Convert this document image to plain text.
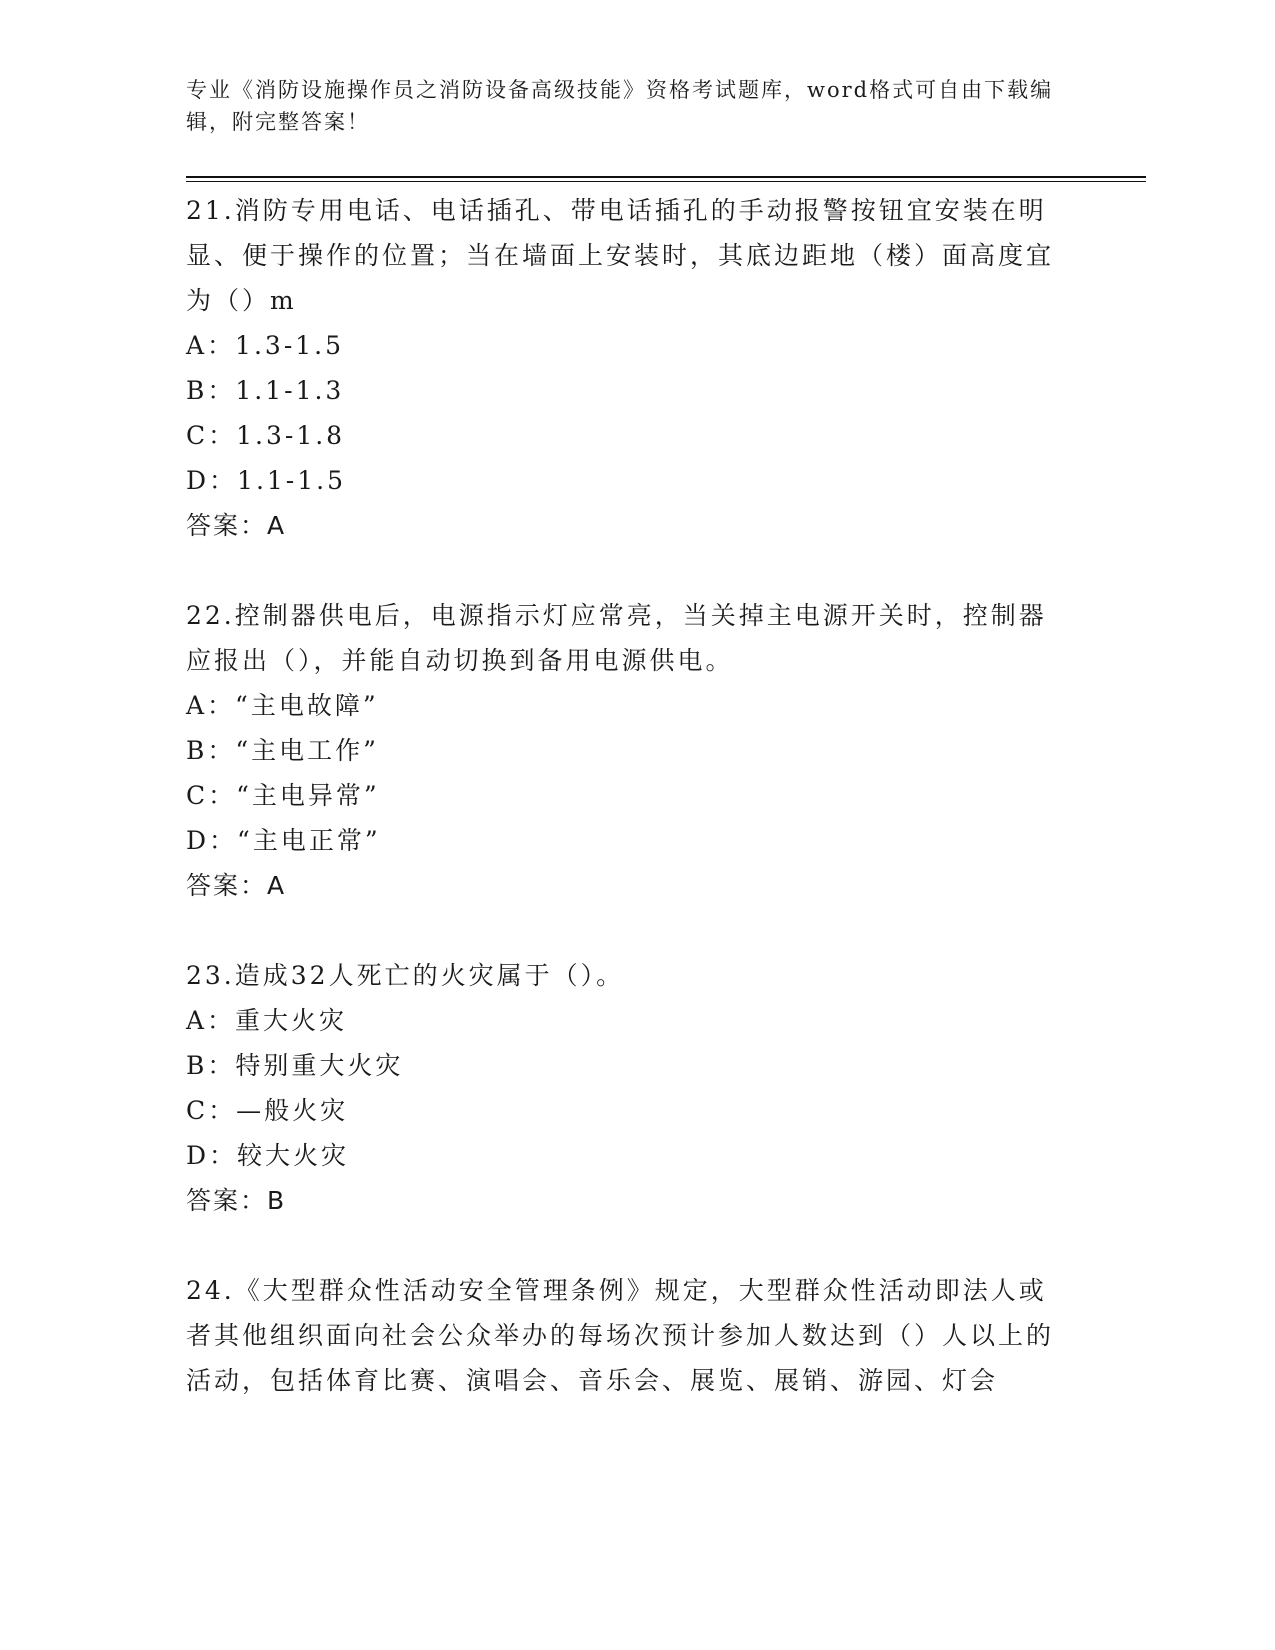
专业《消防设施操作员之消防设备高级技能》资格考试题库，word格式可自由下载编辑，附完整答案！
21.消防专用电话、电话插孔、带电话插孔的手动报警按钮宜安装在明显、便于操作的位置；当在墙面上安装时，其底边距地（楼）面高度宜为（）m
A：1.3-1.5
B：1.1-1.3
C：1.3-1.8
D：1.1-1.5
答案：A
22.控制器供电后，电源指示灯应常亮，当关掉主电源开关时，控制器应报出（），并能自动切换到备用电源供电。
A：“主电故障”
B：“主电工作”
C：“主电异常”
D：“主电正常”
答案：A
23.造成32人死亡的火灾属于（）。
A：重大火灾
B：特别重大火灾
C：—般火灾
D：较大火灾
答案：B
24.《大型群众性活动安全管理条例》规定，大型群众性活动即法人或者其他组织面向社会公众举办的每场次预计参加人数达到（）人以上的活动，包括体育比赛、演唱会、音乐会、展览、展销、游园、灯会
